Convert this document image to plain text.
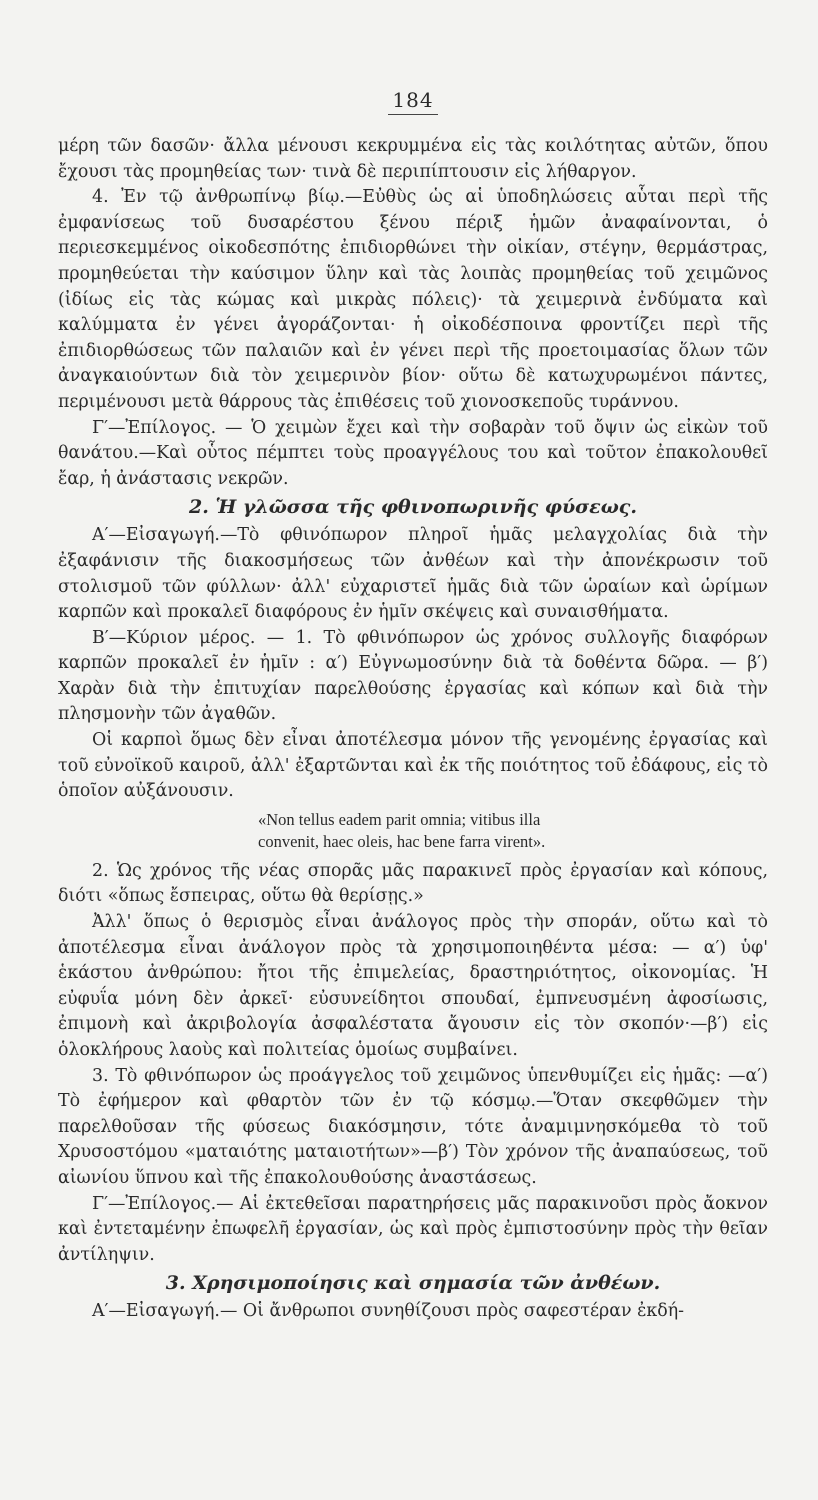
184

μέρη τῶν δασῶν· ἄλλα μένουσι κεκρυμμένα εἰς τὰς κοιλότητας αὐτῶν, ὅπου ἔχουσι τὰς προμηθείας των· τινὰ δὲ περιπίπτουσιν εἰς λήθαργον.

4. Ἐν τῷ ἀνθρωπίνῳ βίῳ.—Εὐθὺς ὡς αἱ ὑποδηλώσεις αὗται περὶ τῆς ἐμφανίσεως τοῦ δυσαρέστου ξένου πέριξ ἡμῶν ἀναφαίνονται, ὁ περιεσκεμμένος οἰκοδεσπότης ἐπιδιορθώνει τὴν οἰκίαν, στέγην, θερμάστρας, προμηθεύεται τὴν καύσιμον ὕλην καὶ τὰς λοιπὰς προμηθείας τοῦ χειμῶνος (ἰδίως εἰς τὰς κώμας καὶ μικρὰς πόλεις)· τὰ χειμερινὰ ἐνδύματα καὶ καλύμματα ἐν γένει ἀγοράζονται· ἡ οἰκοδέσποινα φροντίζει περὶ τῆς ἐπιδιορθώσεως τῶν παλαιῶν καὶ ἐν γένει περὶ τῆς προετοιμασίας ὅλων τῶν ἀναγκαιούντων διὰ τὸν χειμερινὸν βίον· οὕτω δὲ κατωχυρωμένοι πάντες, περιμένουσι μετὰ θάρρους τὰς ἐπιθέσεις τοῦ χιονοσκεποῦς τυράννου.

Γ′—Ἐπίλογος. — Ὁ χειμὼν ἔχει καὶ τὴν σοβαρὰν τοῦ ὄψιν ὡς εἰκὼν τοῦ θανάτου.—Καὶ οὗτος πέμπτει τοὺς προαγγέλους του καὶ τοῦτον ἐπακολουθεῖ ἔαρ, ἡ ἀνάστασις νεκρῶν.

2. Ἡ γλῶσσα τῆς φθινοπωρινῆς φύσεως.

Α′—Εἰσαγωγή.—Τὸ φθινόπωρον πληροῖ ἡμᾶς μελαγχολίας διὰ τὴν ἐξαφάνισιν τῆς διακοσμήσεως τῶν ἀνθέων καὶ τὴν ἀπονέκρωσιν τοῦ στολισμοῦ τῶν φύλλων· ἀλλ' εὐχαριστεῖ ἡμᾶς διὰ τῶν ὡραίων καὶ ὡρίμων καρπῶν καὶ προκαλεῖ διαφόρους ἐν ἡμῖν σκέψεις καὶ συναισθήματα.

Β′—Κύριον μέρος. — 1. Τὸ φθινόπωρον ὡς χρόνος συλλογῆς διαφόρων καρπῶν προκαλεῖ ἐν ἡμῖν : α′) Εὐγνωμοσύνην διὰ τὰ δοθέντα δῶρα. — β′) Χαρὰν διὰ τὴν ἐπιτυχίαν παρελθούσης ἐργασίας καὶ κόπων καὶ διὰ τὴν πλησμονὴν τῶν ἀγαθῶν.

Οἱ καρποὶ ὅμως δὲν εἶναι ἀποτέλεσμα μόνον τῆς γενομένης ἐργασίας καὶ τοῦ εὐνοϊκοῦ καιροῦ, ἀλλ' ἐξαρτῶνται καὶ ἐκ τῆς ποιότητος τοῦ ἐδάφους, εἰς τὸ ὁποῖον αὐξάνουσιν.

«Non tellus eadem parit omnia; vitibus illa
convenit, haec oleis, hac bene farra virent».

2. Ὡς χρόνος τῆς νέας σπορᾶς μᾶς παρακινεῖ πρὸς ἐργασίαν καὶ κόπους, διότι «ὅπως ἔσπειρας, οὕτω θὰ θερίσῃς.»

Ἀλλ' ὅπως ὁ θερισμὸς εἶναι ἀνάλογος πρὸς τὴν σποράν, οὕτω καὶ τὸ ἀποτέλεσμα εἶναι ἀνάλογον πρὸς τὰ χρησιμοποιηθέντα μέσα: — α′) ὑφ' ἑκάστου ἀνθρώπου: ἤτοι τῆς ἐπιμελείας, δραστηριότητος, οἰκονομίας. Ἡ εὐφυΐα μόνη δὲν ἀρκεῖ· εὐσυνείδητοι σπουδαί, ἐμπνευσμένη ἀφοσίωσις, ἐπιμονὴ καὶ ἀκριβολογία ἀσφαλέστατα ἄγουσιν εἰς τὸν σκοπόν·—β′) εἰς ὁλοκλήρους λαοὺς καὶ πολιτείας ὁμοίως συμβαίνει.

3. Τὸ φθινόπωρον ὡς προάγγελος τοῦ χειμῶνος ὑπενθυμίζει εἰς ἡμᾶς: —α′) Τὸ ἐφήμερον καὶ φθαρτὸν τῶν ἐν τῷ κόσμῳ.—Ὅταν σκεφθῶμεν τὴν παρελθοῦσαν τῆς φύσεως διακόσμησιν, τότε ἀναμιμνησκόμεθα τὸ τοῦ Χρυσοστόμου «ματαιότης ματαιοτήτων»—β′) Τὸν χρόνον τῆς ἀναπαύσεως, τοῦ αἰωνίου ὕπνου καὶ τῆς ἐπακολουθούσης ἀναστάσεως.

Γ′—Ἐπίλογος.— Αἱ ἐκτεθεῖσαι παρατηρήσεις μᾶς παρακινοῦσι πρὸς ἄοκνον καὶ ἐντεταμένην ἐπωφελῆ ἐργασίαν, ὡς καὶ πρὸς ἐμπιστοσύνην πρὸς τὴν θεῖαν ἀντίληψιν.

3. Χρησιμοποίησις καὶ σημασία τῶν ἀνθέων.

Α′—Εἰσαγωγή.— Οἱ ἄνθρωποι συνηθίζουσι πρὸς σαφεστέραν ἐκδή-
